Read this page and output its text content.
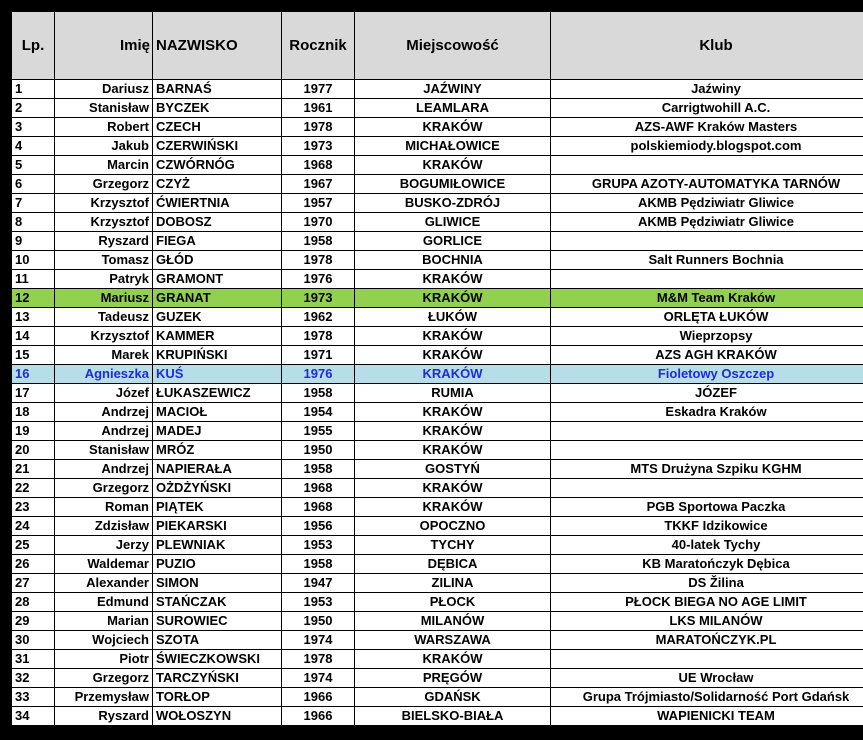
Lp.	Imię	NAZWISKO	Rocznik	Miejscowość	Klub
1	Dariusz	BARNAŚ	1977	JAŹWINY	Jaźwiny
2	Stanisław	BYCZEK	1961	LEAMLARA	Carrigtwohill A.C.
3	Robert	CZECH	1978	KRAKÓW	AZS-AWF Kraków Masters
4	Jakub	CZERWIŃSKI	1973	MICHAŁOWICE	polskiemiody.blogspot.com
5	Marcin	CZWÓRNÓG	1968	KRAKÓW	
6	Grzegorz	CZYŻ	1967	BOGUMIŁOWICE	GRUPA AZOTY-AUTOMATYKA TARNÓW
7	Krzysztof	ĆWIERTNIA	1957	BUSKO-ZDRÓJ	AKMB Pędziwiatr Gliwice
8	Krzysztof	DOBOSZ	1970	GLIWICE	AKMB Pędziwiatr Gliwice
9	Ryszard	FIEGA	1958	GORLICE	
10	Tomasz	GŁÓD	1978	BOCHNIA	Salt Runners Bochnia
11	Patryk	GRAMONT	1976	KRAKÓW	
12	Mariusz	GRANAT	1973	KRAKÓW	M&M Team Kraków
13	Tadeusz	GUZEK	1962	ŁUKÓW	ORLĘTA ŁUKÓW
14	Krzysztof	KAMMER	1978	KRAKÓW	Wieprzopsy
15	Marek	KRUPIŃSKI	1971	KRAKÓW	AZS AGH KRAKÓW
16	Agnieszka	KUŚ	1976	KRAKÓW	Fioletowy Oszczep
17	Józef	ŁUKASZEWICZ	1958	RUMIA	JÓZEF
18	Andrzej	MACIOŁ	1954	KRAKÓW	Eskadra Kraków
19	Andrzej	MADEJ	1955	KRAKÓW	
20	Stanisław	MRÓZ	1950	KRAKÓW	
21	Andrzej	NAPIERAŁA	1958	GOSTYŃ	MTS Drużyna Szpiku KGHM
22	Grzegorz	OŻDŻYŃSKI	1968	KRAKÓW	
23	Roman	PIĄTEK	1968	KRAKÓW	PGB Sportowa Paczka
24	Zdzisław	PIEKARSKI	1956	OPOCZNO	TKKF Idzikowice
25	Jerzy	PLEWNIAK	1953	TYCHY	40-latek Tychy
26	Waldemar	PUZIO	1958	DĘBICA	KB Maratończyk Dębica
27	Alexander	SIMON	1947	ZILINA	DS Žilina
28	Edmund	STAŃCZAK	1953	PŁOCK	PŁOCK BIEGA NO AGE LIMIT
29	Marian	SUROWIEC	1950	MILANÓW	LKS MILANÓW
30	Wojciech	SZOTA	1974	WARSZAWA	MARATOŃCZYK.PL
31	Piotr	ŚWIECZKOWSKI	1978	KRAKÓW	
32	Grzegorz	TARCZYŃSKI	1974	PRĘGÓW	UE Wrocław
33	Przemysław	TORŁOP	1966	GDAŃSK	Grupa Trójmiasto/Solidarność Port Gdańsk
34	Ryszard	WOŁOSZYN	1966	BIELSKO-BIAŁA	WAPIENICKI TEAM
